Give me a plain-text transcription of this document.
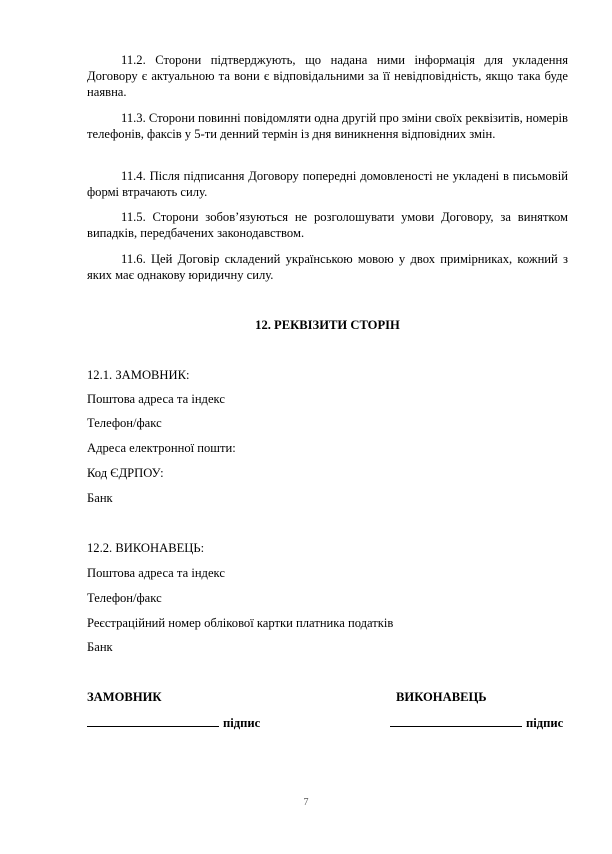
11.2. Сторони підтверджують, що надана ними інформація для укладення Договору є актуальною та вони є відповідальними за її невідповідність, якщо така буде наявна.

11.3. Сторони повинні повідомляти одна другій про зміни своїх реквізитів, номерів телефонів, факсів у 5-ти денний термін із дня виникнення відповідних змін.

11.4. Після підписання Договору попередні домовленості не укладені в письмовій формі втрачають силу.

11.5. Сторони зобов’язуються не розголошувати умови Договору, за винятком випадків, передбачених законодавством.

11.6. Цей Договір складений українською мовою у двох примірниках, кожний з яких має однакову юридичну силу.

12. РЕКВІЗИТИ СТОРІН

12.1. ЗАМОВНИК:

Поштова адреса та індекс

Телефон/факс

Адреса електронної пошти:

Код ЄДРПОУ:

Банк

12.2. ВИКОНАВЕЦЬ:

Поштова адреса та індекс

Телефон/факс

Реєстраційний номер облікової картки платника податків

Банк

ЗАМОВНИК	ВИКОНАВЕЦЬ

підпис	підпис

7
